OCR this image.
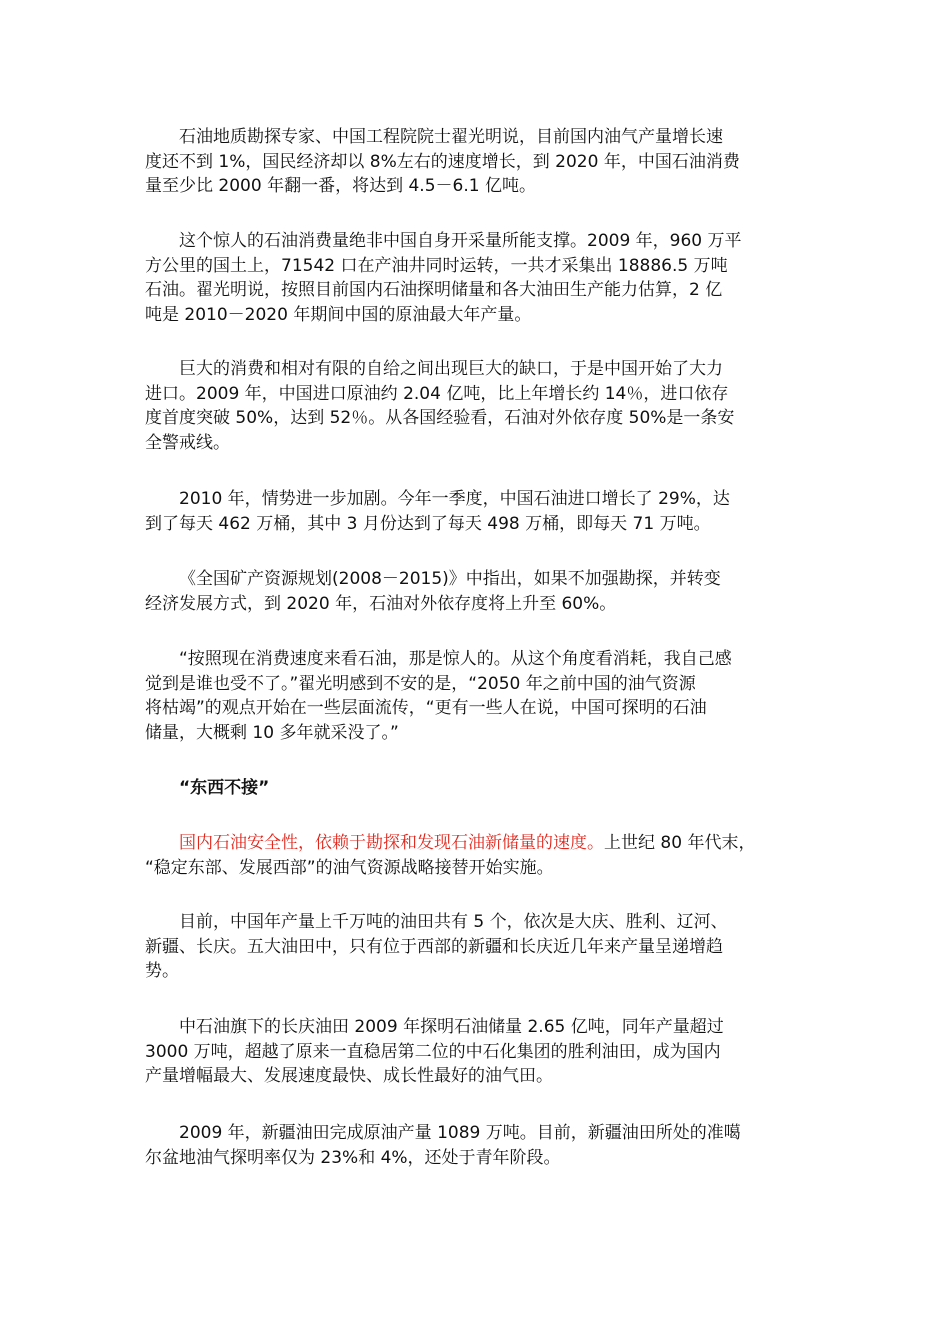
石油地质勘探专家、中国工程院院士翟光明说，目前国内油气产量增长速
度还不到 1%，国民经济却以 8%左右的速度增长，到 2020 年，中国石油消费
量至少比 2000 年翻一番，将达到 4.5－6.1 亿吨。
这个惊人的石油消费量绝非中国自身开采量所能支撑。2009 年，960 万平
方公里的国土上，71542 口在产油井同时运转，一共才采集出 18886.5 万吨
石油。翟光明说，按照目前国内石油探明储量和各大油田生产能力估算，2 亿
吨是 2010－2020 年期间中国的原油最大年产量。
巨大的消费和相对有限的自给之间出现巨大的缺口，于是中国开始了大力
进口。2009 年，中国进口原油约 2.04 亿吨，比上年增长约 14％，进口依存
度首度突破 50%，达到 52％。从各国经验看，石油对外依存度 50%是一条安
全警戒线。
2010 年，情势进一步加剧。今年一季度，中国石油进口增长了 29%，达
到了每天 462 万桶，其中 3 月份达到了每天 498 万桶，即每天 71 万吨。
《全国矿产资源规划(2008－2015)》中指出，如果不加强勘探，并转变
经济发展方式，到 2020 年，石油对外依存度将上升至 60%。
“按照现在消费速度来看石油，那是惊人的。从这个角度看消耗，我自己感
觉到是谁也受不了。”翟光明感到不安的是，“2050 年之前中国的油气资源
将枯竭”的观点开始在一些层面流传，“更有一些人在说，中国可探明的石油
储量，大概剩 10 多年就采没了。”
“东西不接”
国内石油安全性，依赖于勘探和发现石油新储量的速度。上世纪 80 年代末，
“稳定东部、发展西部”的油气资源战略接替开始实施。
目前，中国年产量上千万吨的油田共有 5 个，依次是大庆、胜利、辽河、
新疆、长庆。五大油田中，只有位于西部的新疆和长庆近几年来产量呈递增趋
势。
中石油旗下的长庆油田 2009 年探明石油储量 2.65 亿吨，同年产量超过
3000 万吨，超越了原来一直稳居第二位的中石化集团的胜利油田，成为国内
产量增幅最大、发展速度最快、成长性最好的油气田。
2009 年，新疆油田完成原油产量 1089 万吨。目前，新疆油田所处的准噶
尔盆地油气探明率仅为 23%和 4%，还处于青年阶段。
